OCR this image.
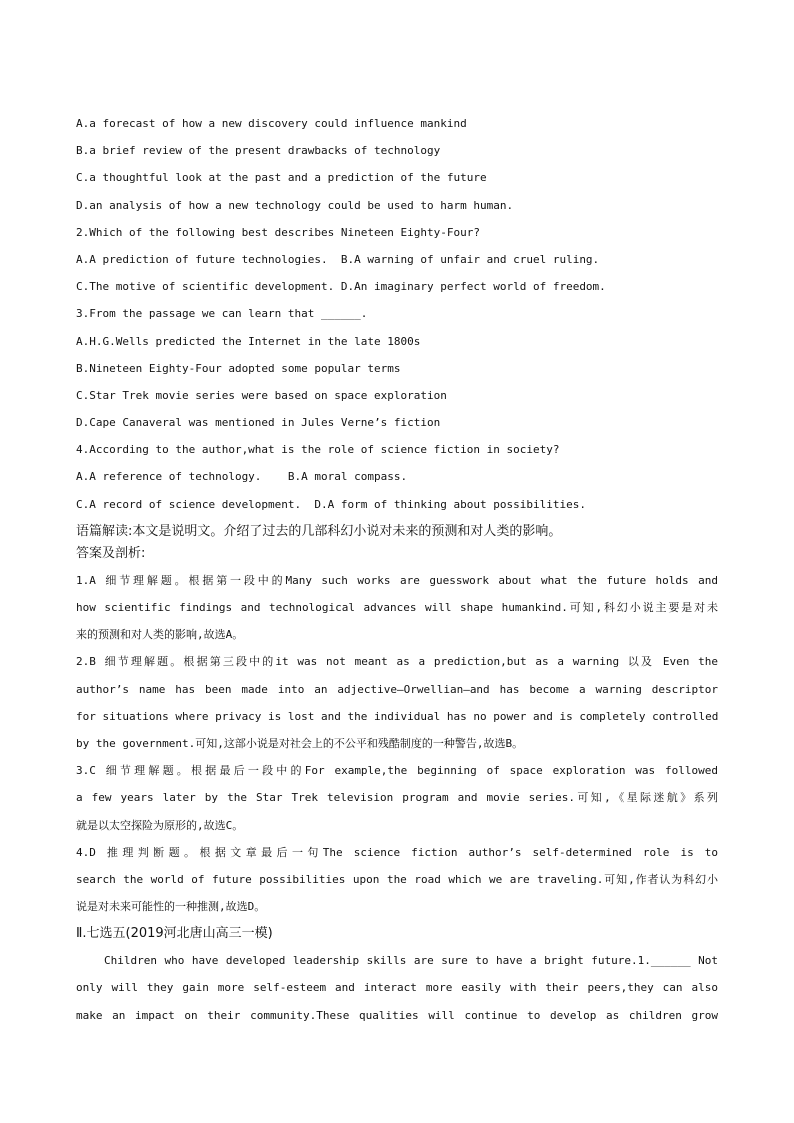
A.a forecast of how a new discovery could influence mankind
B.a brief review of the present drawbacks of technology
C.a thoughtful look at the past and a prediction of the future
D.an analysis of how a new technology could be used to harm human.
2.Which of the following best describes Nineteen Eighty-Four?
A.A prediction of future technologies.  B.A warning of unfair and cruel ruling.
C.The motive of scientific development. D.An imaginary perfect world of freedom.
3.From the passage we can learn that ______.
A.H.G.Wells predicted the Internet in the late 1800s
B.Nineteen Eighty-Four adopted some popular terms
C.Star Trek movie series were based on space exploration
D.Cape Canaveral was mentioned in Jules Verne’s fiction
4.According to the author,what is the role of science fiction in society?
A.A reference of technology.    B.A moral compass.
C.A record of science development.  D.A form of thinking about possibilities.
语篇解读:本文是说明文。介绍了过去的几部科幻小说对未来的预测和对人类的影响。
答案及剖析:
1.A 细节理解题。根据第一段中的Many such works are guesswork about what the future holds and
how scientific findings and technological advances will shape humankind.可知,科幻小说主要是对未
来的预测和对人类的影响,故选A。
2.B 细节理解题。根据第三段中的it was not meant as a prediction,but as a warning 以及 Even the
author’s name has been made into an adjective—Orwellian—and has become a warning descriptor
for situations where privacy is lost and the individual has no power and is completely controlled
by the government.可知,这部小说是对社会上的不公平和残酷制度的一种警告,故选B。
3.C 细节理解题。根据最后一段中的For example,the beginning of space exploration was followed
a few years later by the Star Trek television program and movie series.可知,《星际迷航》系列
就是以太空探险为原形的,故选C。
4.D 推理判断题。根据文章最后一句The science fiction author’s self-determined role is to
search the world of future possibilities upon the road which we are traveling.可知,作者认为科幻小
说是对未来可能性的一种推测,故选D。
Ⅱ.七选五(2019河北唐山高三一模)
Children who have developed leadership skills are sure to have a bright future.1.______ Not
only will they gain more self-esteem and interact more easily with their peers,they can also
make an impact on their community.These qualities will continue to develop as children grow
